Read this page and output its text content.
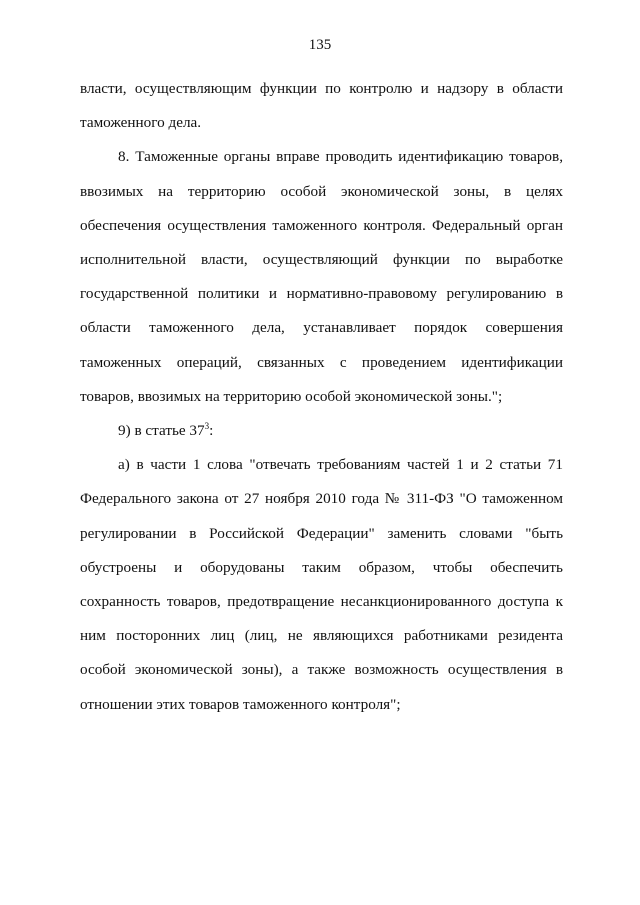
135

власти, осуществляющим функции по контролю и надзору в области таможенного дела.

8. Таможенные органы вправе проводить идентификацию товаров, ввозимых на территорию особой экономической зоны, в целях обеспечения осуществления таможенного контроля. Федеральный орган исполнительной власти, осуществляющий функции по выработке государственной политики и нормативно-правовому регулированию в области таможенного дела, устанавливает порядок совершения таможенных операций, связанных с проведением идентификации товаров, ввозимых на территорию особой экономической зоны.";

9) в статье $37^3$:

а) в части 1 слова "отвечать требованиям частей 1 и 2 статьи 71 Федерального закона от 27 ноября 2010 года № 311-ФЗ "О таможенном регулировании в Российской Федерации" заменить словами "быть обустроены и оборудованы таким образом, чтобы обеспечить сохранность товаров, предотвращение несанкционированного доступа к ним посторонних лиц (лиц, не являющихся работниками резидента особой экономической зоны), а также возможность осуществления в отношении этих товаров таможенного контроля";
